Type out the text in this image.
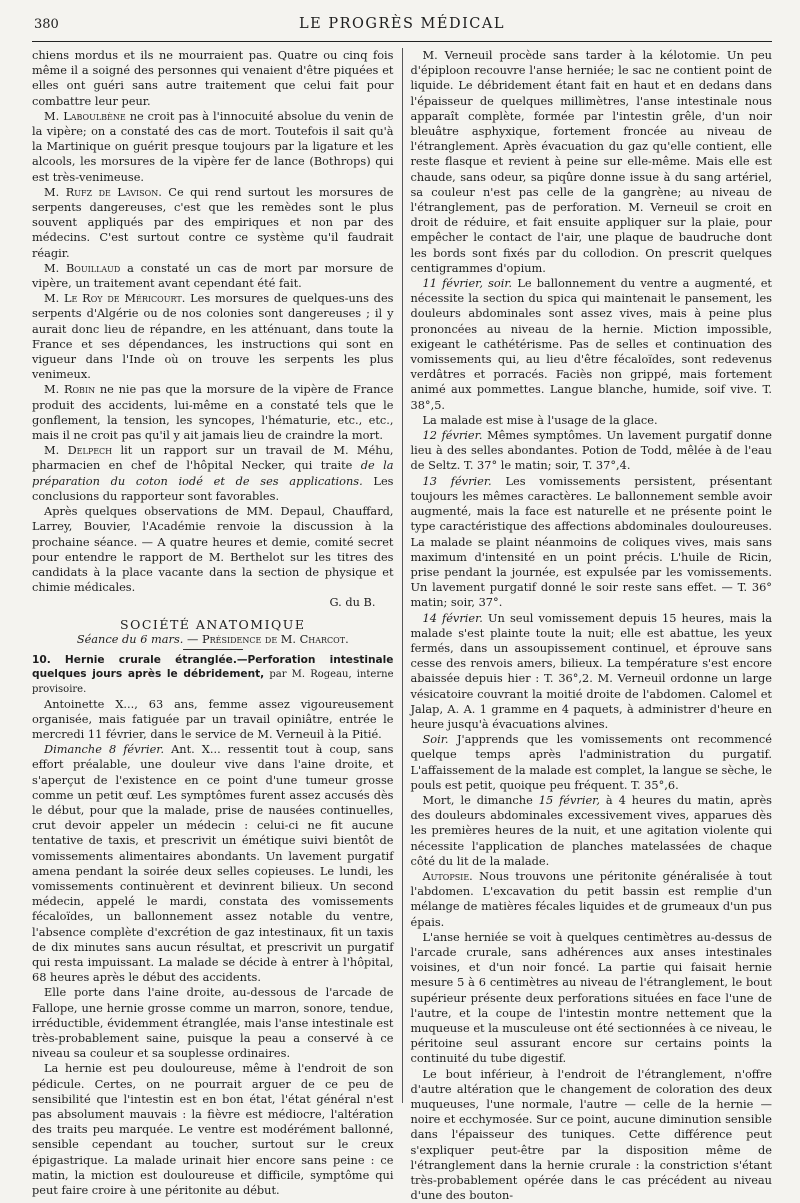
380	LE PROGRÈS MÉDICAL

chiens mordus et ils ne mourraient pas. Quatre ou cinq fois même il a soigné des personnes qui venaient d'être piquées et elles ont guéri sans autre traitement que celui fait pour combattre leur peur.

M. Laboulbène ne croit pas à l'innocuité absolue du venin de la vipère; on a constaté des cas de mort. Toutefois il sait qu'à la Martinique on guérit presque toujours par la ligature et les alcools, les morsures de la vipère fer de lance (Bothrops) qui est très-venimeuse.

M. Rufz de Lavison. Ce qui rend surtout les morsures de serpents dangereuses, c'est que les remèdes sont le plus souvent appliqués par des empiriques et non par des médecins. C'est surtout contre ce système qu'il faudrait réagir.

M. Bouillaud a constaté un cas de mort par morsure de vipère, un traitement avant cependant été fait.

M. Le Roy de Méricourt. Les morsures de quelques-uns des serpents d'Algérie ou de nos colonies sont dangereuses ; il y aurait donc lieu de répandre, en les atténuant, dans toute la France et ses dépendances, les instructions qui sont en vigueur dans l'Inde où on trouve les serpents les plus venimeux.

M. Robin ne nie pas que la morsure de la vipère de France produit des accidents, lui-même en a constaté tels que le gonflement, la tension, les syncopes, l'hématurie, etc., etc., mais il ne croit pas qu'il y ait jamais lieu de craindre la mort.

M. Delpech lit un rapport sur un travail de M. Méhu, pharmacien en chef de l'hôpital Necker, qui traite de la préparation du coton iodé et de ses applications. Les conclusions du rapporteur sont favorables.

Après quelques observations de MM. Depaul, Chauffard, Larrey, Bouvier, l'Académie renvoie la discussion à la prochaine séance. — A quatre heures et demie, comité secret pour entendre le rapport de M. Berthelot sur les titres des candidats à la place vacante dans la section de physique et chimie médicales.

G. du B.

SOCIÉTÉ ANATOMIQUE
Séance du 6 mars. — Présidence de M. Charcot.
10. Hernie crurale étranglée.—Perforation intestinale quelques jours après le débridement, par M. Rogeau, interne provisoire.

Antoinette X..., 63 ans, femme assez vigoureusement organisée, mais fatiguée par un travail opiniâtre, entrée le mercredi 11 février, dans le service de M. Verneuil à la Pitié.

Dimanche 8 février. Ant. X... ressentit tout à coup, sans effort préalable, une douleur vive dans l'aine droite, et s'aperçut de l'existence en ce point d'une tumeur grosse comme un petit œuf. Les symptômes furent assez accusés dès le début, pour que la malade, prise de nausées continuelles, crut devoir appeler un médecin : celui-ci ne fit aucune tentative de taxis, et prescrivit un émétique suivi bientôt de vomissements alimentaires abondants. Un lavement purgatif amena pendant la soirée deux selles copieuses. Le lundi, les vomissements continuèrent et devinrent bilieux. Un second médecin, appelé le mardi, constata des vomissements fécaloïdes, un ballonnement assez notable du ventre, l'absence complète d'excrétion de gaz intestinaux, fit un taxis de dix minutes sans aucun résultat, et prescrivit un purgatif qui resta impuissant. La malade se décide à entrer à l'hôpital, 68 heures après le début des accidents.

Elle porte dans l'aine droite, au-dessous de l'arcade de Fallope, une hernie grosse comme un marron, sonore, tendue, irréductible, évidemment étranglée, mais l'anse intestinale est très-probablement saine, puisque la peau a conservé à ce niveau sa couleur et sa souplesse ordinaires.

La hernie est peu douloureuse, même à l'endroit de son pédicule. Certes, on ne pourrait arguer de ce peu de sensibilité que l'intestin est en bon état, l'état général n'est pas absolument mauvais : la fièvre est médiocre, l'altération des traits peu marquée. Le ventre est modérément ballonné, sensible cependant au toucher, surtout sur le creux épigastrique. La malade urinait hier encore sans peine : ce matin, la miction est douloureuse et difficile, symptôme qui peut faire croire à une péritonite au début.

M. Verneuil procède sans tarder à la kélotomie. Un peu d'épiploon recouvre l'anse herniée; le sac ne contient point de liquide. Le débridement étant fait en haut et en dedans dans l'épaisseur de quelques millimètres, l'anse intestinale nous apparaît complète, formée par l'intestin grêle, d'un noir bleuâtre asphyxique, fortement froncée au niveau de l'étranglement. Après évacuation du gaz qu'elle contient, elle reste flasque et revient à peine sur elle-même. Mais elle est chaude, sans odeur, sa piqûre donne issue à du sang artériel, sa couleur n'est pas celle de la gangrène; au niveau de l'étranglement, pas de perforation. M. Verneuil se croit en droit de réduire, et fait ensuite appliquer sur la plaie, pour empêcher le contact de l'air, une plaque de baudruche dont les bords sont fixés par du collodion. On prescrit quelques centigrammes d'opium.

11 février, soir. Le ballonnement du ventre a augmenté, et nécessite la section du spica qui maintenait le pansement, les douleurs abdominales sont assez vives, mais à peine plus prononcées au niveau de la hernie. Miction impossible, exigeant le cathétérisme. Pas de selles et continuation des vomissements qui, au lieu d'être fécaloïdes, sont redevenus verdâtres et porracés. Faciès non grippé, mais fortement animé aux pommettes. Langue blanche, humide, soif vive. T. 38°,5.

La malade est mise à l'usage de la glace.

12 février. Mêmes symptômes. Un lavement purgatif donne lieu à des selles abondantes. Potion de Todd, mêlée à de l'eau de Seltz. T. 37° le matin; soir, T. 37°,4.

13 février. Les vomissements persistent, présentant toujours les mêmes caractères. Le ballonnement semble avoir augmenté, mais la face est naturelle et ne présente point le type caractéristique des affections abdominales douloureuses. La malade se plaint néanmoins de coliques vives, mais sans maximum d'intensité en un point précis. L'huile de Ricin, prise pendant la journée, est expulsée par les vomissements. Un lavement purgatif donné le soir reste sans effet. — T. 36° matin; soir, 37°.

14 février. Un seul vomissement depuis 15 heures, mais la malade s'est plainte toute la nuit; elle est abattue, les yeux fermés, dans un assoupissement continuel, et éprouve sans cesse des renvois amers, bilieux. La température s'est encore abaissée depuis hier : T. 36°,2. M. Verneuil ordonne un large vésicatoire couvrant la moitié droite de l'abdomen. Calomel et Jalap, A. A. 1 gramme en 4 paquets, à administrer d'heure en heure jusqu'à évacuations alvines.

Soir. J'apprends que les vomissements ont recommencé quelque temps après l'administration du purgatif. L'affaissement de la malade est complet, la langue se sèche, le pouls est petit, quoique peu fréquent. T. 35°,6.

Mort, le dimanche 15 février, à 4 heures du matin, après des douleurs abdominales excessivement vives, apparues dès les premières heures de la nuit, et une agitation violente qui nécessite l'application de planches matelassées de chaque côté du lit de la malade.

Autopsie. Nous trouvons une péritonite généralisée à tout l'abdomen. L'excavation du petit bassin est remplie d'un mélange de matières fécales liquides et de grumeaux d'un pus épais.

L'anse herniée se voit à quelques centimètres au-dessus de l'arcade crurale, sans adhérences aux anses intestinales voisines, et d'un noir foncé. La partie qui faisait hernie mesure 5 à 6 centimètres au niveau de l'étranglement, le bout supérieur présente deux perforations situées en face l'une de l'autre, et la coupe de l'intestin montre nettement que la muqueuse et la musculeuse ont été sectionnées à ce niveau, le péritoine seul assurant encore sur certains points la continuité du tube digestif.

Le bout inférieur, à l'endroit de l'étranglement, n'offre d'autre altération que le changement de coloration des deux muqueuses, l'une normale, l'autre — celle de la hernie — noire et ecchymosée. Sur ce point, aucune diminution sensible dans l'épaisseur des tuniques. Cette différence peut s'expliquer peut-être par la disposition même de l'étranglement dans la hernie crurale : la constriction s'étant très-probablement opérée dans le cas précédent au niveau d'une des bouton-
